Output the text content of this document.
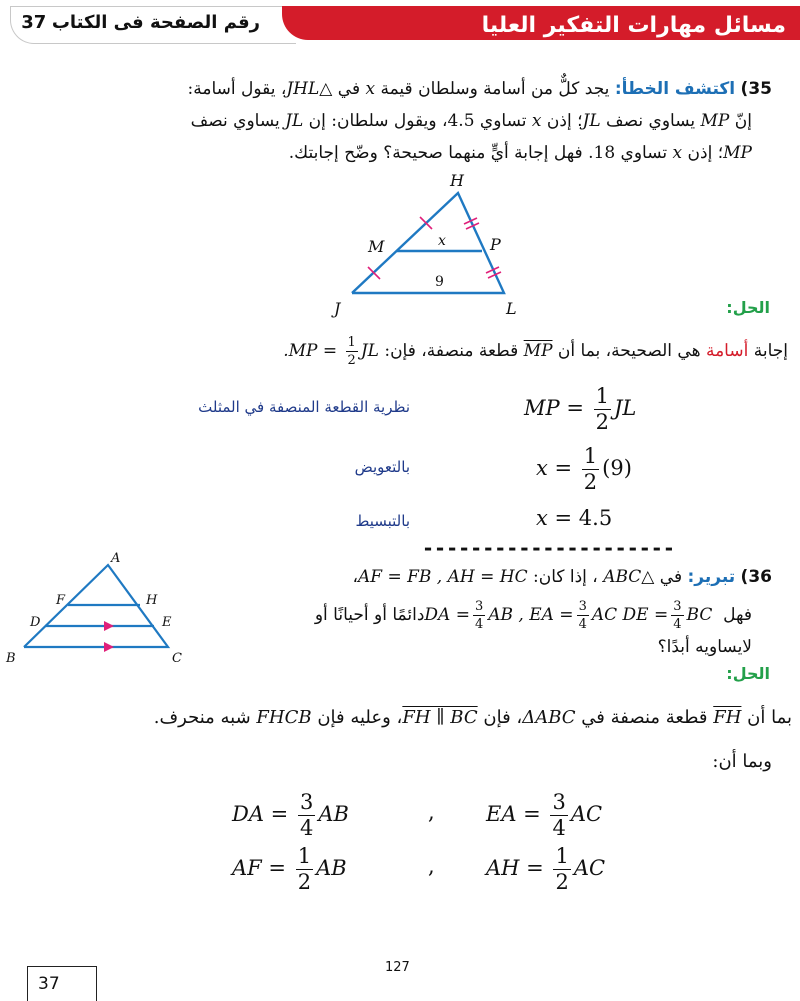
مسائل مهارات التفكير العليا
رقم الصفحة فى الكتاب 37
35) اكتشف الخطأ: يجد كلٌّ من أسامة وسلطان قيمة x في △JHL، يقول أسامة:
إنّ MP يساوي نصف JL؛ إذن x تساوي 4.5، ويقول سلطان: إن JL يساوي نصف
MP؛ إذن x تساوي 18. فهل إجابة أيٍّ منهما صحيحة؟ وضّح إجابتك.
H
M	P
J	L
x
9
الحل:
إجابة أسامة هي الصحيحة، بما أن MP قطعة منصفة، فإن: $.MP = \frac{1}{2}$ JL
نظرية القطعة المنصفة في المثلث	MP = $\frac{1}{2}$ JL
بالتعويض	$x = \frac{1}{2} (9)$
بالتبسيط	x = 4.5
---------------------
A
F	H
D	E
B	C
36) تبرير: في △ABC ، إذا كان: AF = FB , AH = HC،
فهل DE = $\frac{3}{4}$ BC DA = $\frac{3}{4}$ AB , EA = $\frac{3}{4}$ AC دائمًا أو أحيانًا أو
لايساويه أبدًا؟
الحل:
بما أن FH قطعة منصفة في ΔABC، فإن FH ∥ BC، وعليه فإن FHCB شبه منحرف.
وبما أن:
DA = $\frac{3}{4}$ AB	, EA = $\frac{3}{4}$ AC
AF = $\frac{1}{2}$ AB	, AH = $\frac{1}{2}$ AC
127
37
